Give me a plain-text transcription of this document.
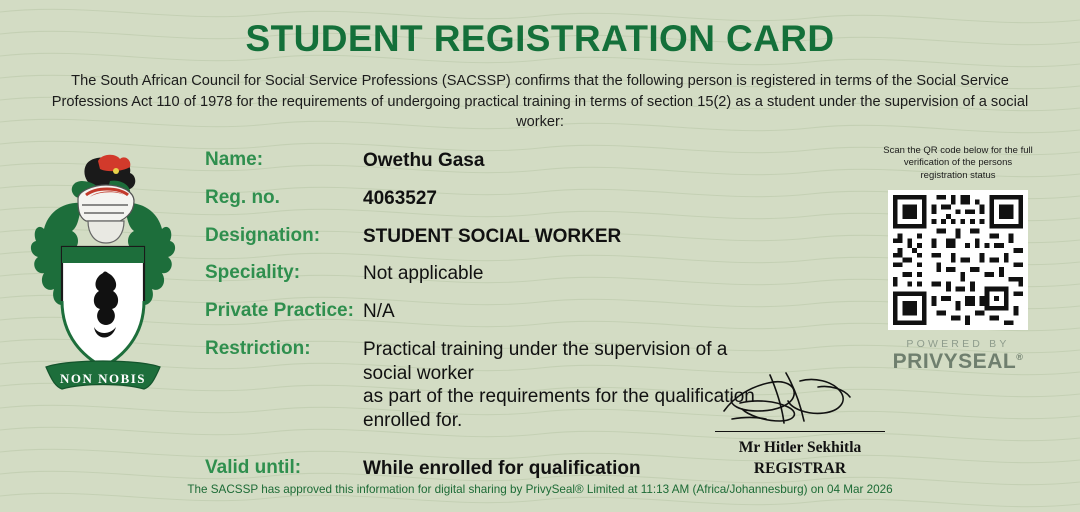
STUDENT REGISTRATION CARD
The South African Council for Social Service Professions (SACSSP) confirms that the following person is registered in terms of the Social Service Professions Act 110 of 1978 for the requirements of undergoing practical training in terms of section 15(2) as a student under the supervision of a social worker:
NON NOBIS
Name:	Owethu Gasa
Reg. no.	4063527
Designation:	STUDENT SOCIAL WORKER
Speciality:	Not applicable
Private Practice: N/A
Restriction:	Practical training under the supervision of a social worker
as part of the requirements for the qualification enrolled for.
Valid until:	While enrolled for qualification
Mr Hitler Sekhitla
REGISTRAR
Scan the QR code below for the full verification of the persons registration status
POWERED BY
PRIVYSEAL®
The SACSSP has approved this information for digital sharing by PrivySeal® Limited at 11:13 AM (Africa/Johannesburg) on 04 Mar 2026
